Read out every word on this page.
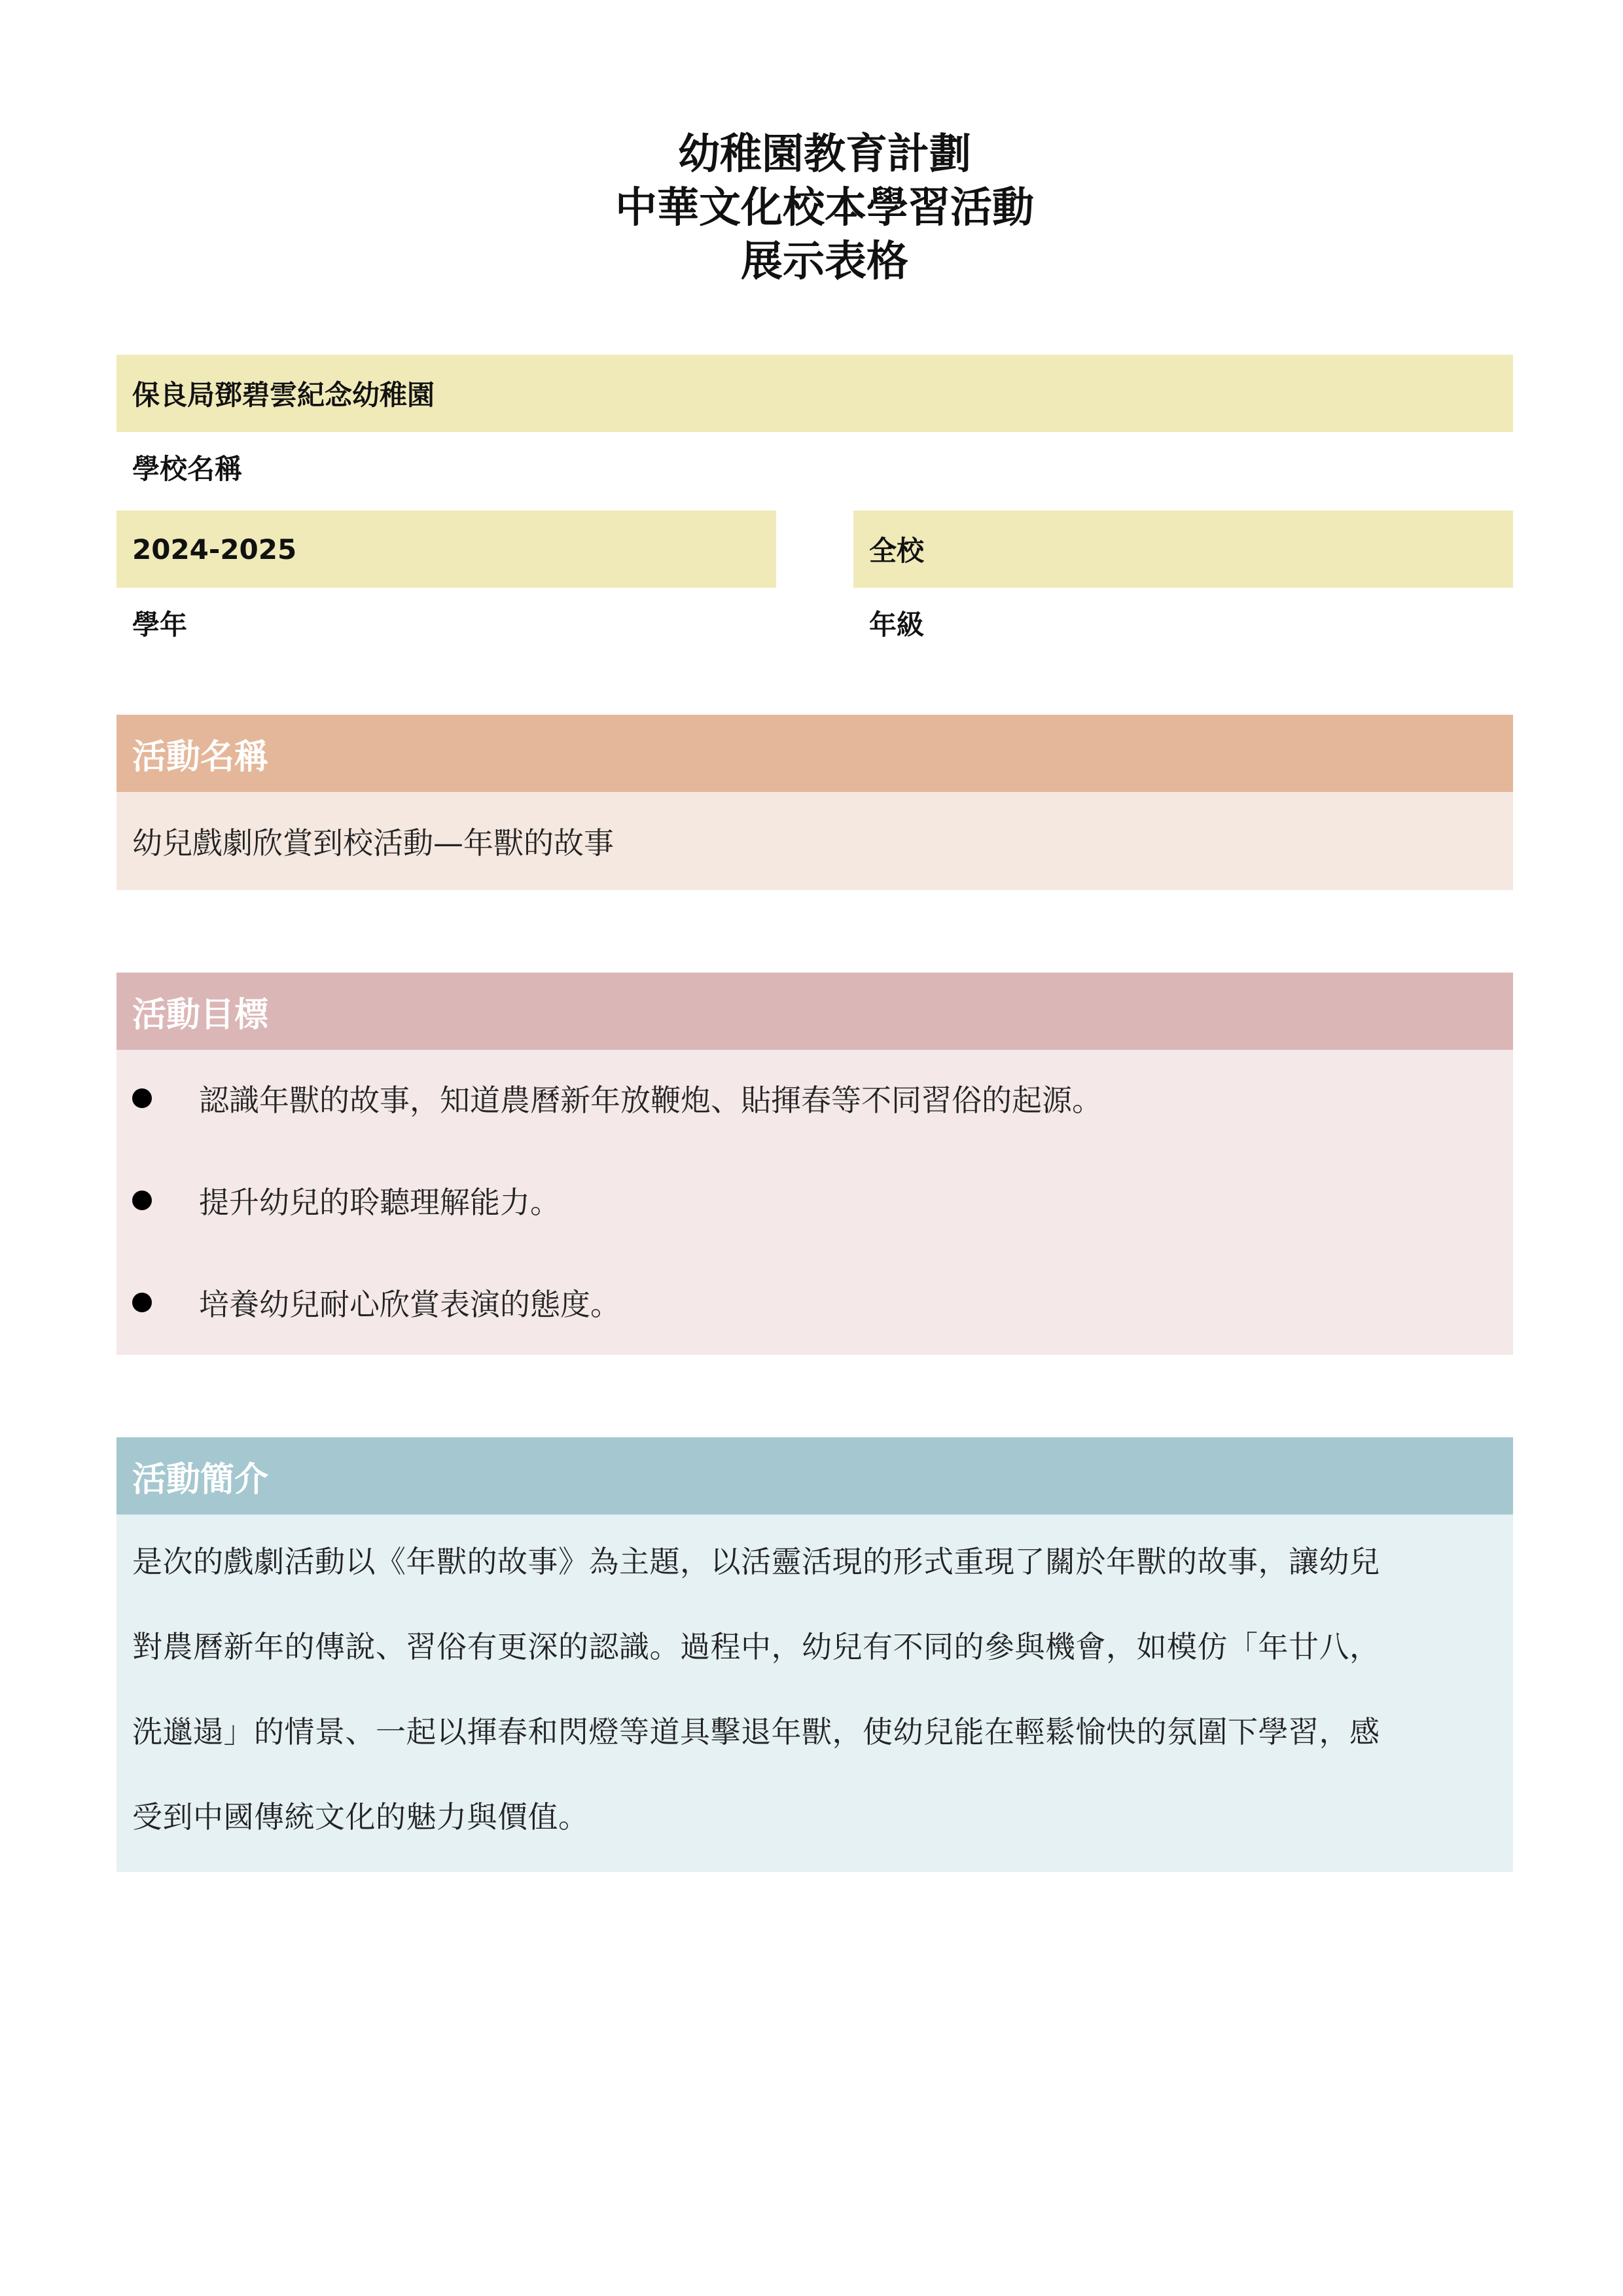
幼稚園教育計劃
中華文化校本學習活動
展示表格
保良局鄧碧雲紀念幼稚園
學校名稱
2024-2025
學年
全校
年級
活動名稱
幼兒戲劇欣賞到校活動—年獸的故事
活動目標
認識年獸的故事，知道農曆新年放鞭炮、貼揮春等不同習俗的起源。
提升幼兒的聆聽理解能力。
培養幼兒耐心欣賞表演的態度。
活動簡介
是次的戲劇活動以《年獸的故事》為主題，以活靈活現的形式重現了關於年獸的故事，讓幼兒
對農曆新年的傳說、習俗有更深的認識。過程中，幼兒有不同的參與機會，如模仿「年廿八，
洗邋遢」的情景、一起以揮春和閃燈等道具擊退年獸，使幼兒能在輕鬆愉快的氛圍下學習，感
受到中國傳統文化的魅力與價值。
